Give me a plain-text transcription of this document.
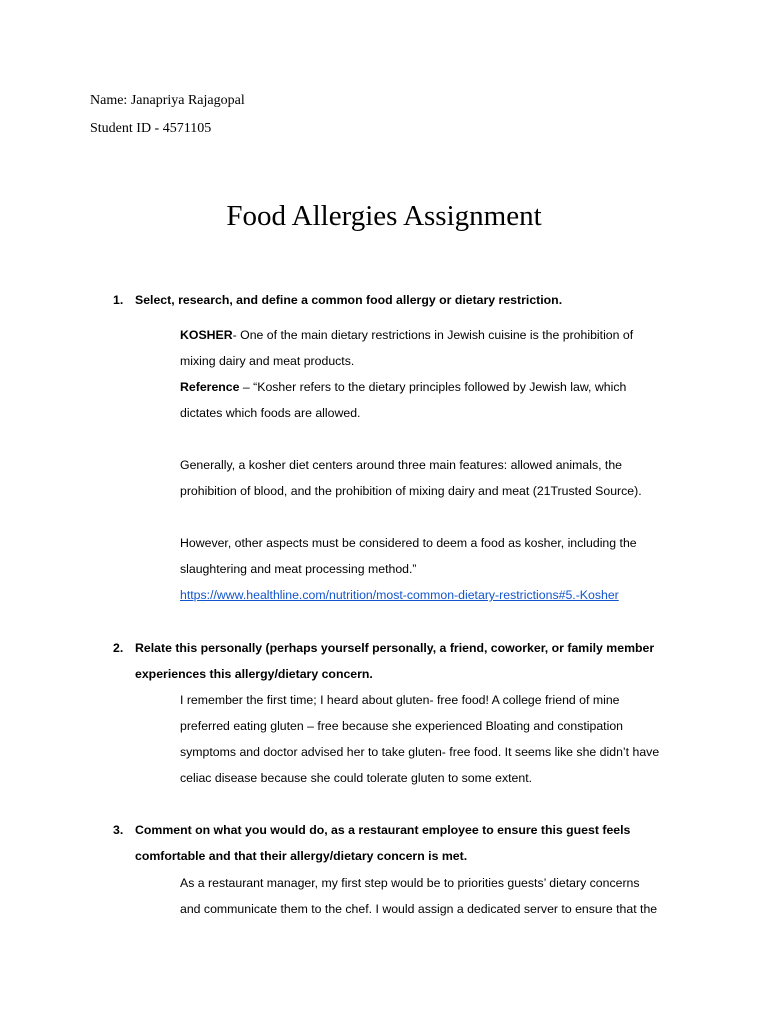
Name: Janapriya Rajagopal
Student ID - 4571105
Food Allergies Assignment
1. Select, research, and define a common food allergy or dietary restriction.

KOSHER- One of the main dietary restrictions in Jewish cuisine is the prohibition of

mixing dairy and meat products.

Reference – “Kosher refers to the dietary principles followed by Jewish law, which

dictates which foods are allowed.

Generally, a kosher diet centers around three main features: allowed animals, the

prohibition of blood, and the prohibition of mixing dairy and meat (21Trusted Source).

However, other aspects must be considered to deem a food as kosher, including the

slaughtering and meat processing method.”

https://www.healthline.com/nutrition/most-common-dietary-restrictions#5.-Kosher

2. Relate this personally (perhaps yourself personally, a friend, coworker, or family member
experiences this allergy/dietary concern.

I remember the first time; I heard about gluten- free food! A college friend of mine

preferred eating gluten – free because she experienced Bloating and constipation

symptoms and doctor advised her to take gluten- free food. It seems like she didn’t have

celiac disease because she could tolerate gluten to some extent.

3. Comment on what you would do, as a restaurant employee to ensure this guest feels
comfortable and that their allergy/dietary concern is met.

As a restaurant manager, my first step would be to priorities guests’ dietary concerns

and communicate them to the chef. I would assign a dedicated server to ensure that the
